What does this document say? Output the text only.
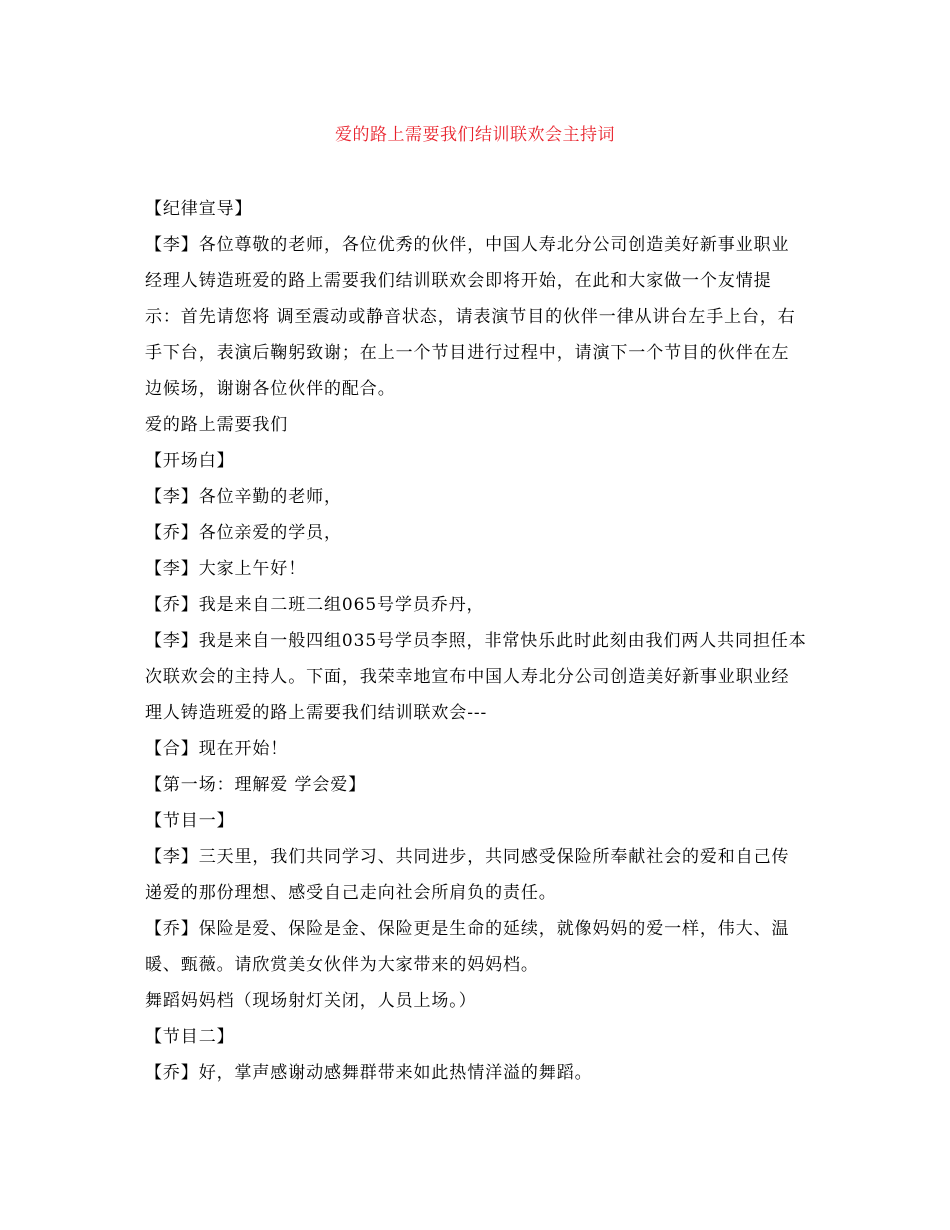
爱的路上需要我们结训联欢会主持词

【纪律宣导】

【李】各位尊敬的老师，各位优秀的伙伴，中国人寿北分公司创造美好新事业职业经理人铸造班爱的路上需要我们结训联欢会即将开始，在此和大家做一个友情提示：首先请您将 调至震动或静音状态，请表演节目的伙伴一律从讲台左手上台，右手下台，表演后鞠躬致谢；在上一个节目进行过程中，请演下一个节目的伙伴在左边候场，谢谢各位伙伴的配合。

爱的路上需要我们

【开场白】

【李】各位辛勤的老师，

【乔】各位亲爱的学员，

【李】大家上午好！

【乔】我是来自二班二组065号学员乔丹，

【李】我是来自一般四组035号学员李照，非常快乐此时此刻由我们两人共同担任本次联欢会的主持人。下面，我荣幸地宣布中国人寿北分公司创造美好新事业职业经理人铸造班爱的路上需要我们结训联欢会---

【合】现在开始！

【第一场：理解爱 学会爱】

【节目一】

【李】三天里，我们共同学习、共同进步，共同感受保险所奉献社会的爱和自己传递爱的那份理想、感受自己走向社会所肩负的责任。

【乔】保险是爱、保险是金、保险更是生命的延续，就像妈妈的爱一样，伟大、温暖、甄薇。请欣赏美女伙伴为大家带来的妈妈档。

舞蹈妈妈档（现场射灯关闭，人员上场。）

【节目二】

【乔】好，掌声感谢动感舞群带来如此热情洋溢的舞蹈。
